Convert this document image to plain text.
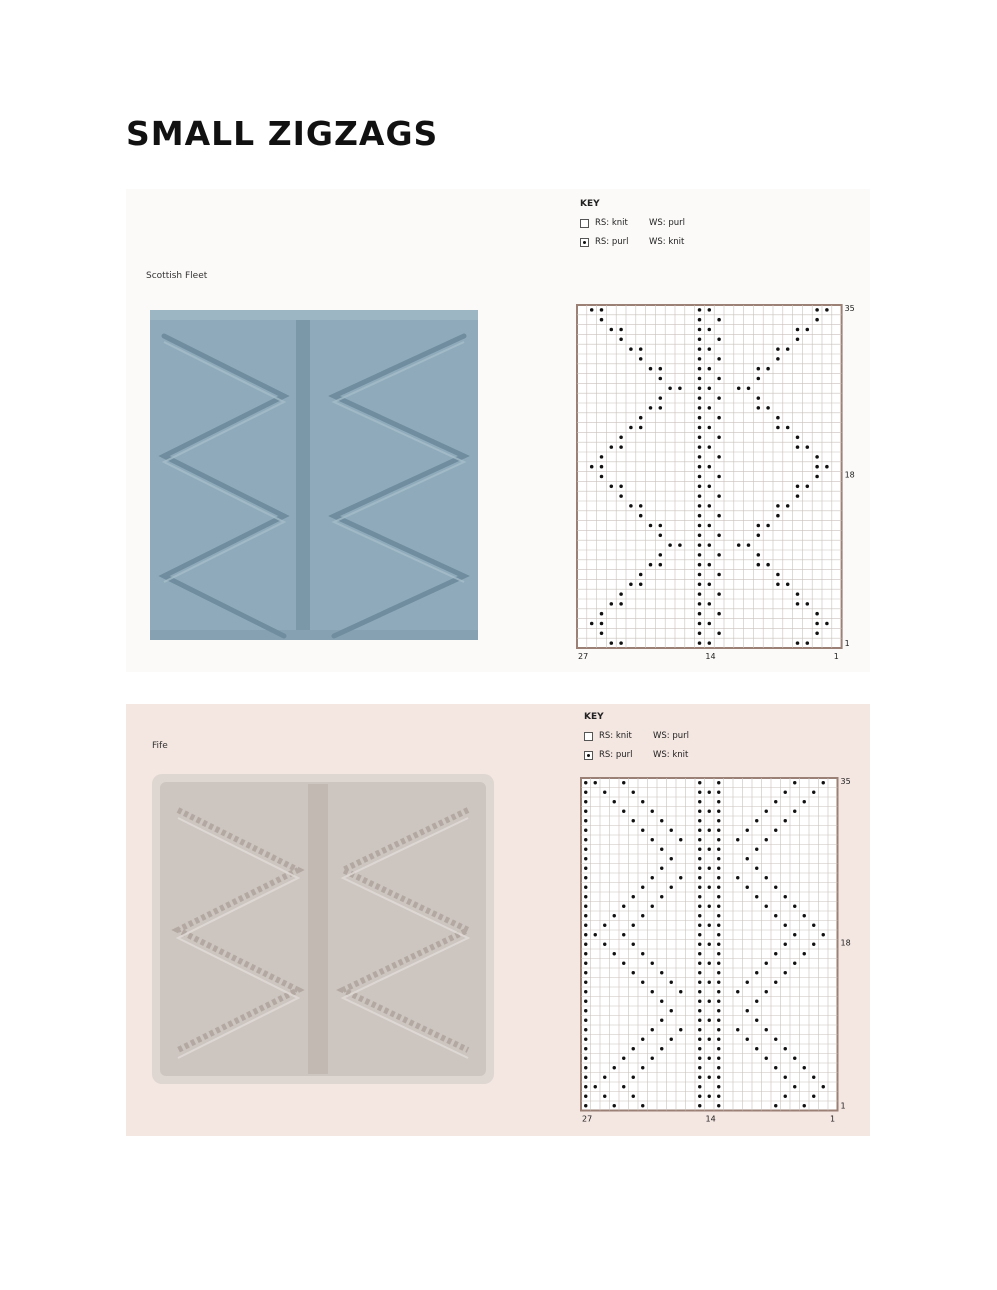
SMALL ZIGZAGS
Scottish Fleet
KEY
RS: knit	WS: purl
RS: purl	WS: knit
35
18
1
27	14	1
Fife
KEY
RS: knit	WS: purl
RS: purl	WS: knit
35
18
1
27	14	1
